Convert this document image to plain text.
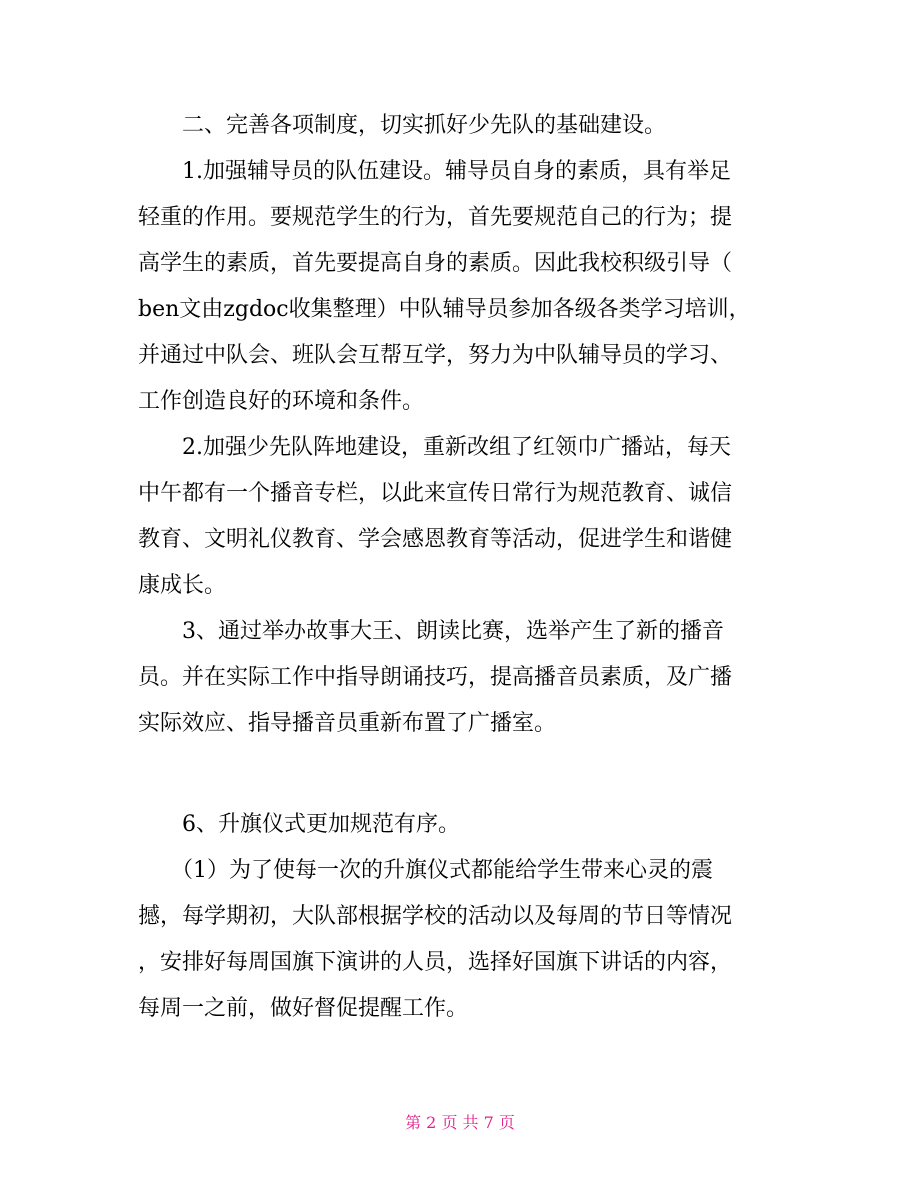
　　二、完善各项制度，切实抓好少先队的基础建设。
　　1.加强辅导员的队伍建设。辅导员自身的素质，具有举足
轻重的作用。要规范学生的行为，首先要规范自己的行为；提
高学生的素质，首先要提高自身的素质。因此我校积级引导（
ben文由zgdoc收集整理）中队辅导员参加各级各类学习培训，
并通过中队会、班队会互帮互学，努力为中队辅导员的学习、
工作创造良好的环境和条件。
　　2.加强少先队阵地建设，重新改组了红领巾广播站，每天
中午都有一个播音专栏，以此来宣传日常行为规范教育、诚信
教育、文明礼仪教育、学会感恩教育等活动，促进学生和谐健
康成长。
　　3、通过举办故事大王、朗读比赛，选举产生了新的播音
员。并在实际工作中指导朗诵技巧，提高播音员素质，及广播
实际效应、指导播音员重新布置了广播室。
　　6、升旗仪式更加规范有序。
　　（1）为了使每一次的升旗仪式都能给学生带来心灵的震
撼，每学期初，大队部根据学校的活动以及每周的节日等情况
，安排好每周国旗下演讲的人员，选择好国旗下讲话的内容，
每周一之前，做好督促提醒工作。
第 2 页 共 7 页
